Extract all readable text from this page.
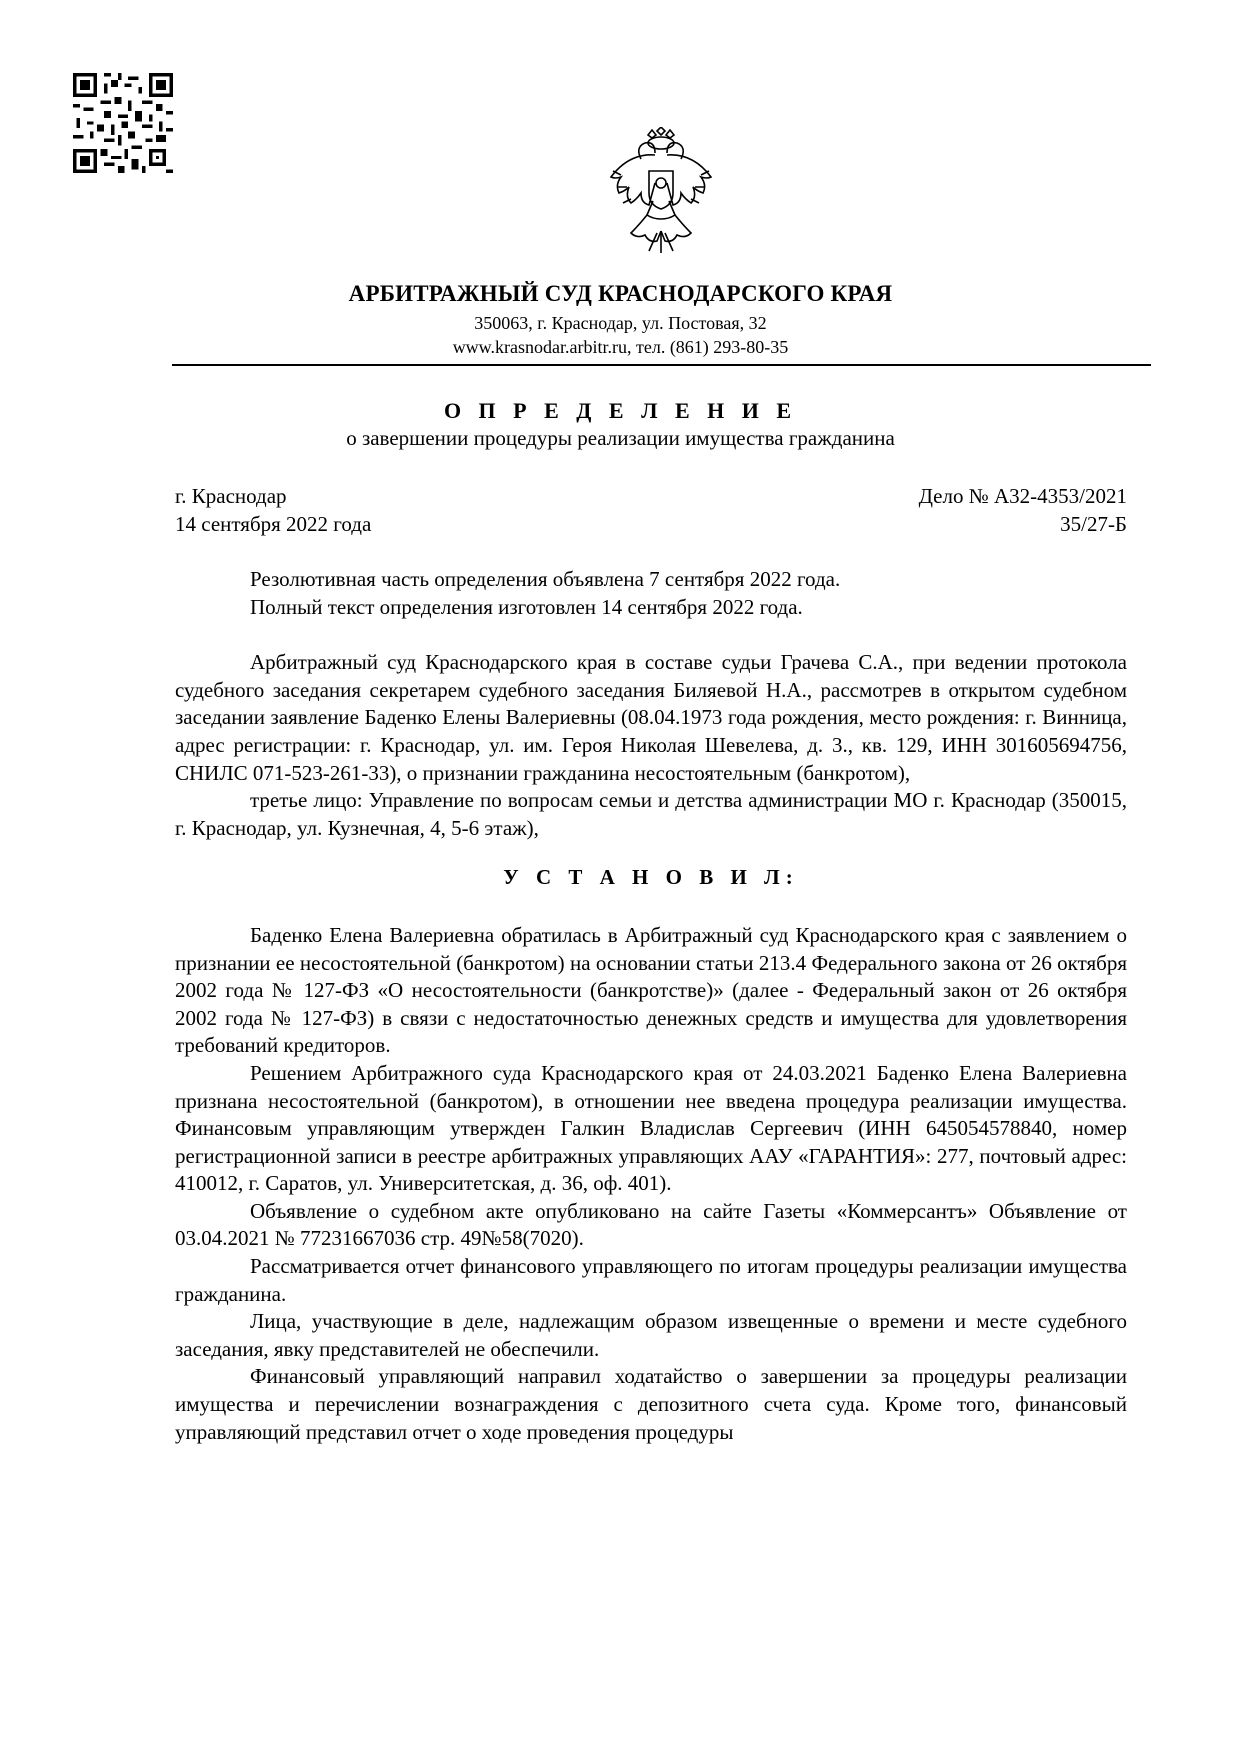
АРБИТРАЖНЫЙ СУД КРАСНОДАРСКОГО КРАЯ
350063, г. Краснодар, ул. Постовая, 32
www.krasnodar.arbitr.ru, тел. (861) 293-80-35
О П Р Е Д Е Л Е Н И Е
о завершении процедуры реализации имущества гражданина
г. Краснодар
14 сентября 2022 года
Дело № А32-4353/2021
35/27-Б

Резолютивная часть определения объявлена 7 сентября 2022 года.

Полный текст определения изготовлен 14 сентября 2022 года.

Арбитражный суд Краснодарского края в составе судьи Грачева С.А., при ведении протокола судебного заседания секретарем судебного заседания Биляевой Н.А., рассмотрев в открытом судебном заседании заявление Баденко Елены Валериевны (08.04.1973 года рождения, место рождения: г. Винница, адрес регистрации: г. Краснодар, ул. им. Героя Николая Шевелева, д. 3., кв. 129, ИНН 301605694756, СНИЛС 071-523-261-33), о признании гражданина несостоятельным (банкротом),

третье лицо: Управление по вопросам семьи и детства администрации МО г. Краснодар (350015, г. Краснодар, ул. Кузнечная, 4, 5-6 этаж),

У С Т А Н О В И Л:

Баденко Елена Валериевна обратилась в Арбитражный суд Краснодарского края с заявлением о признании ее несостоятельной (банкротом) на основании статьи 213.4 Федерального закона от 26 октября 2002 года № 127-ФЗ «О несостоятельности (банкротстве)» (далее - Федеральный закон от 26 октября 2002 года № 127-ФЗ) в связи с недостаточностью денежных средств и имущества для удовлетворения требований кредиторов.

Решением Арбитражного суда Краснодарского края от 24.03.2021 Баденко Елена Валериевна признана несостоятельной (банкротом), в отношении нее введена процедура реализации имущества. Финансовым управляющим утвержден Галкин Владислав Сергеевич (ИНН 645054578840, номер регистрационной записи в реестре арбитражных управляющих ААУ «ГАРАНТИЯ»: 277, почтовый адрес: 410012, г. Саратов, ул. Университетская, д. 36, оф. 401).

Объявление о судебном акте опубликовано на сайте Газеты «Коммерсантъ» Объявление от 03.04.2021 № 77231667036 стр. 49№58(7020).

Рассматривается отчет финансового управляющего по итогам процедуры реализации имущества гражданина.

Лица, участвующие в деле, надлежащим образом извещенные о времени и месте судебного заседания, явку представителей не обеспечили.

Финансовый управляющий направил ходатайство о завершении за процедуры реализации имущества и перечислении вознаграждения с депозитного счета суда. Кроме того, финансовый управляющий представил отчет о ходе проведения процедуры
